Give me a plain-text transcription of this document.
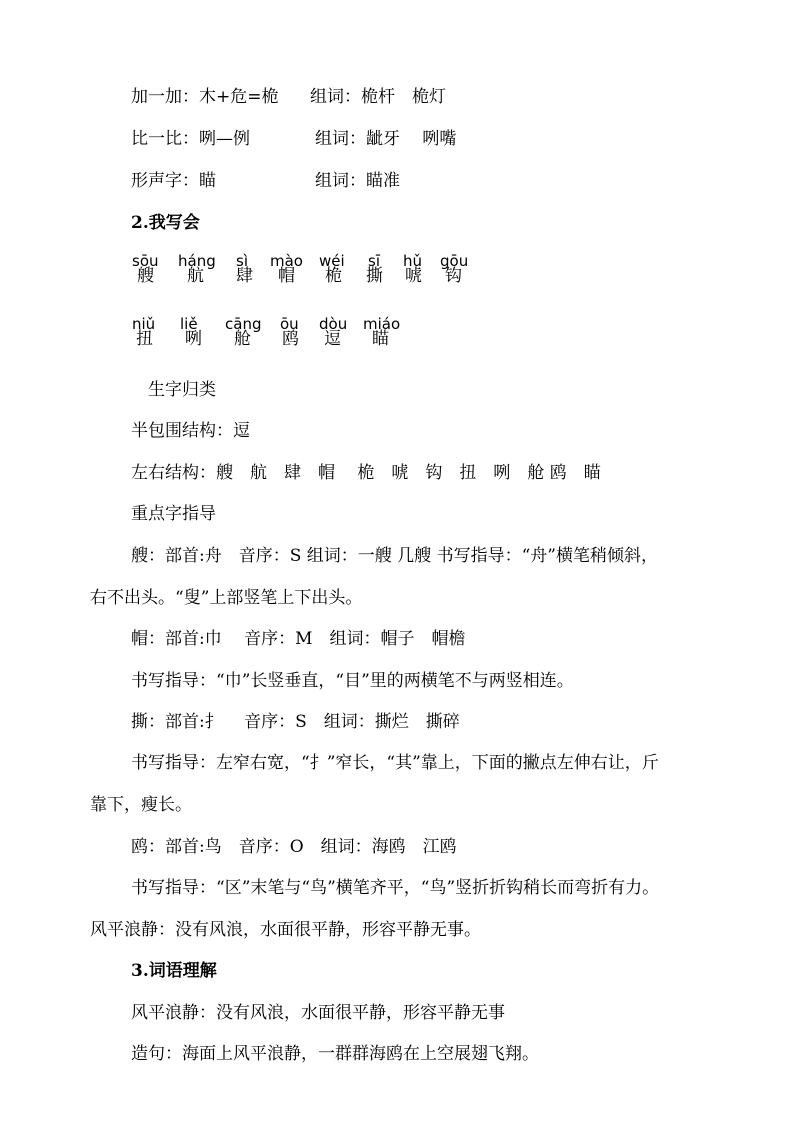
加一加：木+危=桅 组词：桅杆　桅灯
比一比：咧—例	组词：龇牙　 咧嘴
形声字：瞄	组词：瞄准
2.我写会
sōu
艘
háng
航
sì
肆
mào
帽
wéi
桅
sī
撕
hǔ
唬
gōu
钩
niǔ
扭
liě
咧
cāng
舱
ōu
鸥
dòu
逗
miáo
瞄
生字归类
半包围结构：逗
左右结构：艘　航　肆　帽　 桅　唬　钩　扭　咧　舱 鸥　瞄
重点字指导
艘：部首:舟　音序：S 组词：一艘 几艘 书写指导：“舟”横笔稍倾斜，
右不出头。“叟”上部竖笔上下出头。
帽：部首:巾　 音序：M　组词：帽子　帽檐
书写指导：“巾”长竖垂直，“目”里的两横笔不与两竖相连。
撕：部首:扌　 音序：S　组词：撕烂　撕碎
书写指导：左窄右宽，“扌”窄长，“其”靠上，下面的撇点左伸右让，斤
靠下，瘦长。
鸥：部首:鸟　音序：O　组词：海鸥　江鸥
书写指导：“区”末笔与“鸟”横笔齐平，“鸟”竖折折钩稍长而弯折有力。
风平浪静：没有风浪，水面很平静，形容平静无事。
3.词语理解
风平浪静：没有风浪，水面很平静，形容平静无事
造句：海面上风平浪静，一群群海鸥在上空展翅飞翔。
